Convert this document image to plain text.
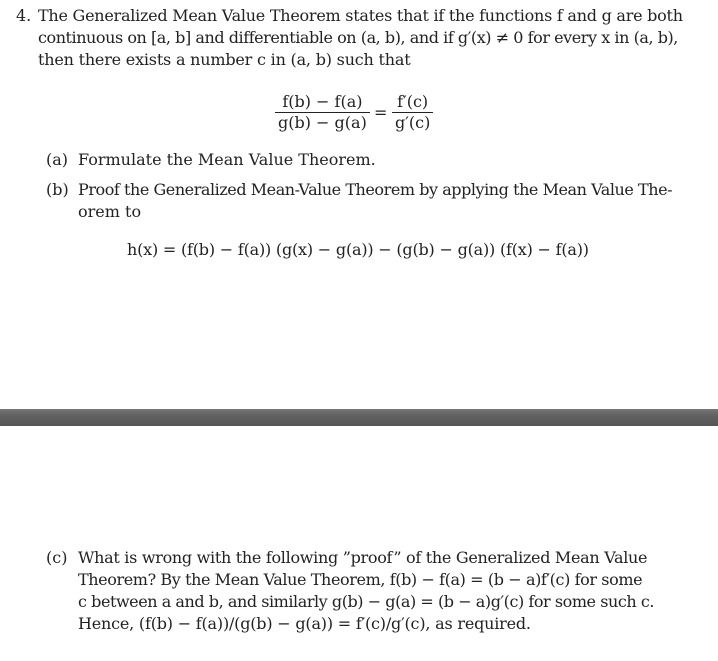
4. The Generalized Mean Value Theorem states that if the functions f and g are both
continuous on [a, b] and differentiable on (a, b), and if g′(x) ≠ 0 for every x in (a, b),
then there exists a number c in (a, b) such that
f(b) − f(a)
g(b) − g(a)
=
f′(c)
g′(c)
(a) Formulate the Mean Value Theorem.
(b) Proof the Generalized Mean-Value Theorem by applying the Mean Value The-
orem to
h(x) = (f(b) − f(a)) (g(x) − g(a)) − (g(b) − g(a)) (f(x) − f(a))
(c) What is wrong with the following ”proof” of the Generalized Mean Value
Theorem? By the Mean Value Theorem, f(b) − f(a) = (b − a)f′(c) for some
c between a and b, and similarly g(b) − g(a) = (b − a)g′(c) for some such c.
Hence, (f(b) − f(a))/(g(b) − g(a)) = f′(c)/g′(c), as required.
